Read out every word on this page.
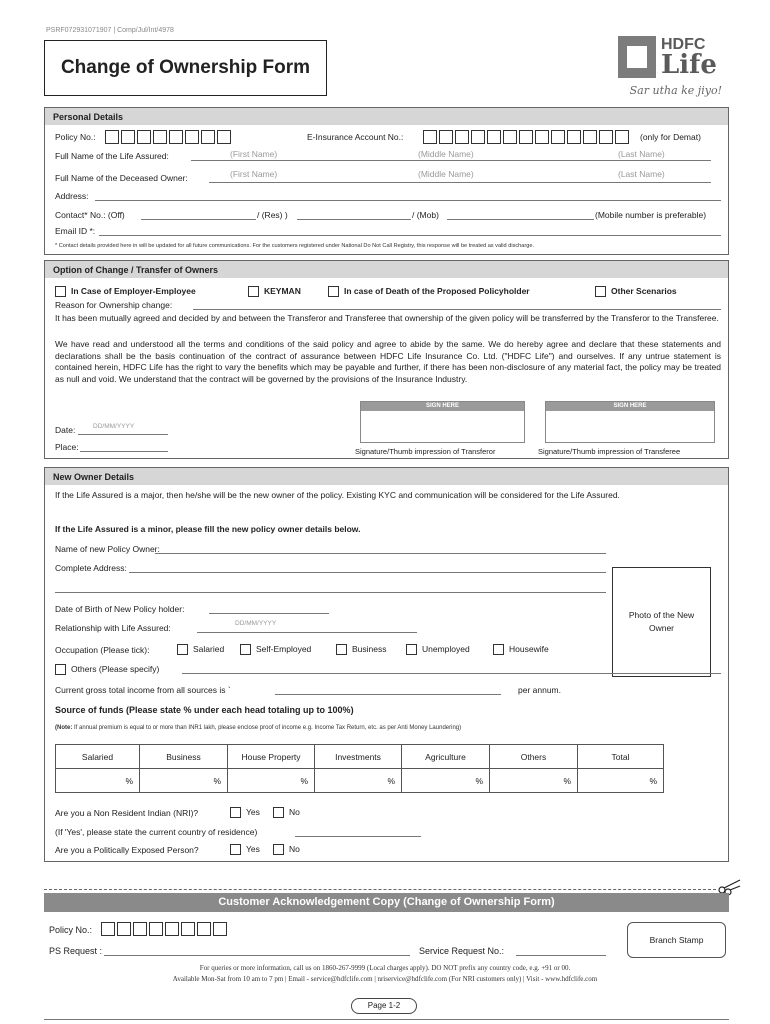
PSRF072931071907 | Comp/Jul/Int/4978
Change of Ownership Form
HDFC
Life
Sar utha ke jiyo!
Personal Details
Policy No.:	E-Insurance Account No.:	(only for Demat)
Full Name of the Life Assured:	(First Name)	(Middle Name)	(Last Name)
Full Name of the Deceased Owner:	(First Name)	(Middle Name)	(Last Name)
Address:
Contact* No.: (Off)	/ (Res) )	/ (Mob)	(Mobile number is preferable)
Email ID *:
* Contact details provided here in will be updated for all future communications. For the customers registered under National Do Not Call Registry, this response will be treated as valid discharge.
Option of Change / Transfer of Owners
In Case of Employer-Employee	KEYMAN	In case of Death of the Proposed Policyholder	Other Scenarios
Reason for Ownership change:
It has been mutually agreed and decided by and between the Transferor and Transferee that ownership of the given policy will be transferred by the Transferor to the Transferee.
We have read and understood all the terms and conditions of the said policy and agree to abide by the same. We do hereby agree and declare that these statements and declarations shall be the basis continuation of the contract of assurance between HDFC Life Insurance Co. Ltd. ("HDFC Life") and ourselves. If any untrue statement is contained herein, HDFC Life has the right to vary the benefits which may be payable and further, if there has been non-disclosure of any material fact, the policy may be treated as null and void. We understand that the contract will be governed by the provisions of the Insurance Industry.
Date:	DD/MM/YYYY
Place:
SIGN HERE	SIGN HERE
Signature/Thumb impression of Transferor	Signature/Thumb impression of Transferee
New Owner Details
If the Life Assured is a major, then he/she will be the new owner of the policy. Existing KYC and communication will be considered for the Life Assured.
If the Life Assured is a minor, please fill the new policy owner details below.
Name of new Policy Owner:
Complete Address:
Photo of the New Owner
Date of Birth of New Policy holder:
Relationship with Life Assured:	DD/MM/YYYY
Occupation (Please tick):	Salaried	Self-Employed	Business	Unemployed	Housewife
Others (Please specify)
Current gross total income from all sources is `	per annum.
Source of funds (Please state % under each head totaling up to 100%)
(Note: If annual premium is equal to or more than INR1 lakh, please enclose proof of income e.g. Income Tax Return, etc. as per Anti Money Laundering)
Salaried	Business	House Property	Investments	Agriculture	Others	Total
%	%	%	%	%	%	%
Are you a Non Resident Indian (NRI)?	Yes	No
(If 'Yes', please state the current country of residence)
Are you a Politically Exposed Person?	Yes	No
Customer Acknowledgement Copy (Change of Ownership Form)
Policy No.:
PS Request :	Service Request No.:
Branch Stamp
For queries or more information, call us on 1860-267-9999 (Local charges apply). DO NOT prefix any country code, e.g. +91 or 00.
Available Mon-Sat from 10 am to 7 pm | Email - service@hdfclife.com | nriservice@hdfclife.com (For NRI customers only) | Visit - www.hdfclife.com
Page 1-2
